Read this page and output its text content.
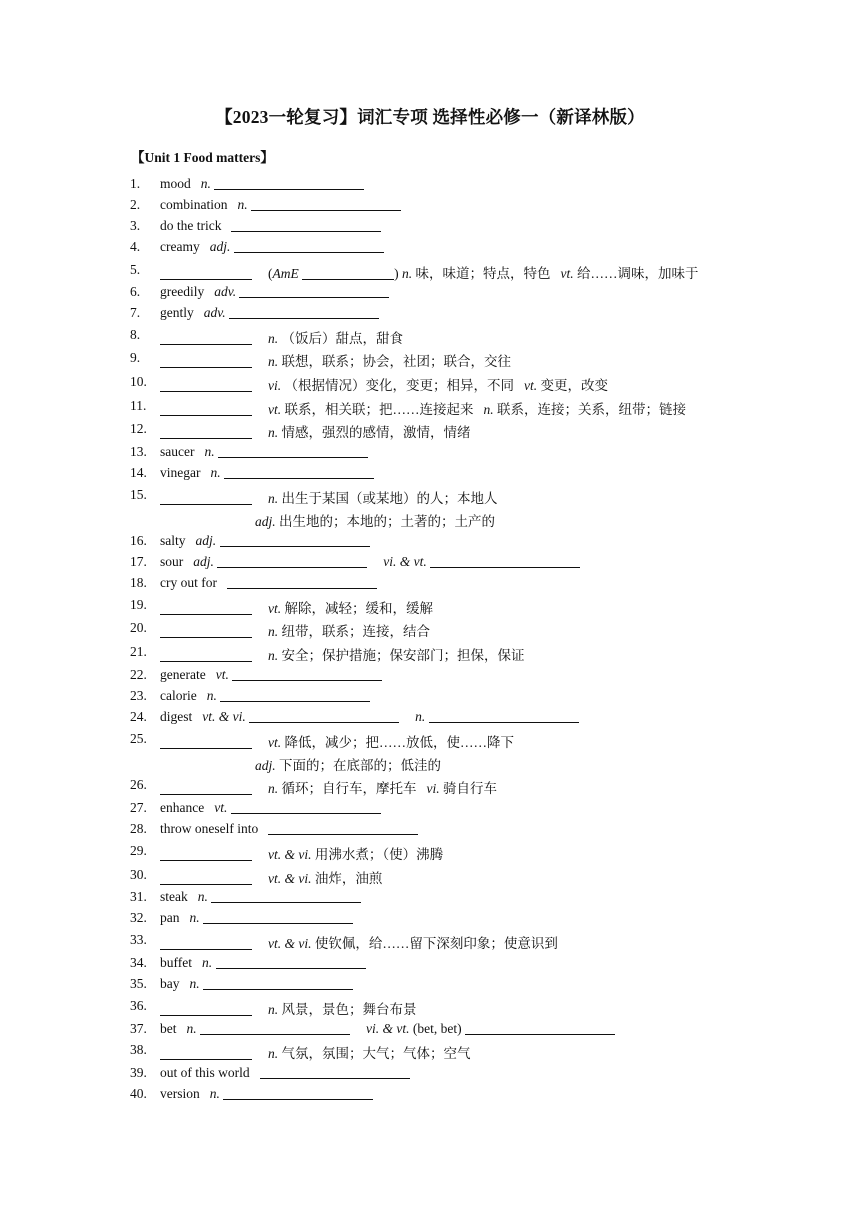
【2023一轮复习】词汇专项 选择性必修一（新译林版）
【Unit 1 Food matters】
1. mood n.
2. combination n.
3. do the trick
4. creamy adj.
5.	(AmE	) n. 味，味道；特点，特色 vt. 给……调味，加味于
6. greedily adv.
7. gently adv.
8.	n. （饭后）甜点，甜食
9.	n. 联想，联系；协会，社团；联合，交往
10.	vi. （根据情况）变化，变更；相异，不同 vt. 变更，改变
11.	vt. 联系，相关联；把……连接起来 n. 联系，连接；关系，纽带；链接
12.	n. 情感，强烈的感情，激情，情绪
13. saucer n.
14. vinegar n.
15.	n. 出生于某国（或某地）的人；本地人
adj. 出生地的；本地的；土著的；土产的
16. salty adj.
17. sour adj.	vi. & vt.
18. cry out for
19.	vt. 解除，减轻；缓和，缓解
20.	n. 纽带，联系；连接，结合
21.	n. 安全；保护措施；保安部门；担保，保证
22. generate vt.
23. calorie n.
24. digest vt. & vi.	n.
25.	vt. 降低，减少；把……放低，使……降下
adj. 下面的；在底部的；低洼的
26.	n. 循环；自行车，摩托车 vi. 骑自行车
27. enhance vt.
28. throw oneself into
29.	vt. & vi. 用沸水煮；（使）沸腾
30.	vt. & vi. 油炸，油煎
31. steak n.
32. pan n.
33.	vt. & vi. 使钦佩，给……留下深刻印象；使意识到
34. buffet n.
35. bay n.
36.	n. 风景，景色；舞台布景
37. bet n.	vi. & vt. (bet, bet)
38.	n. 气氛，氛围；大气；气体；空气
39. out of this world
40. version n.
